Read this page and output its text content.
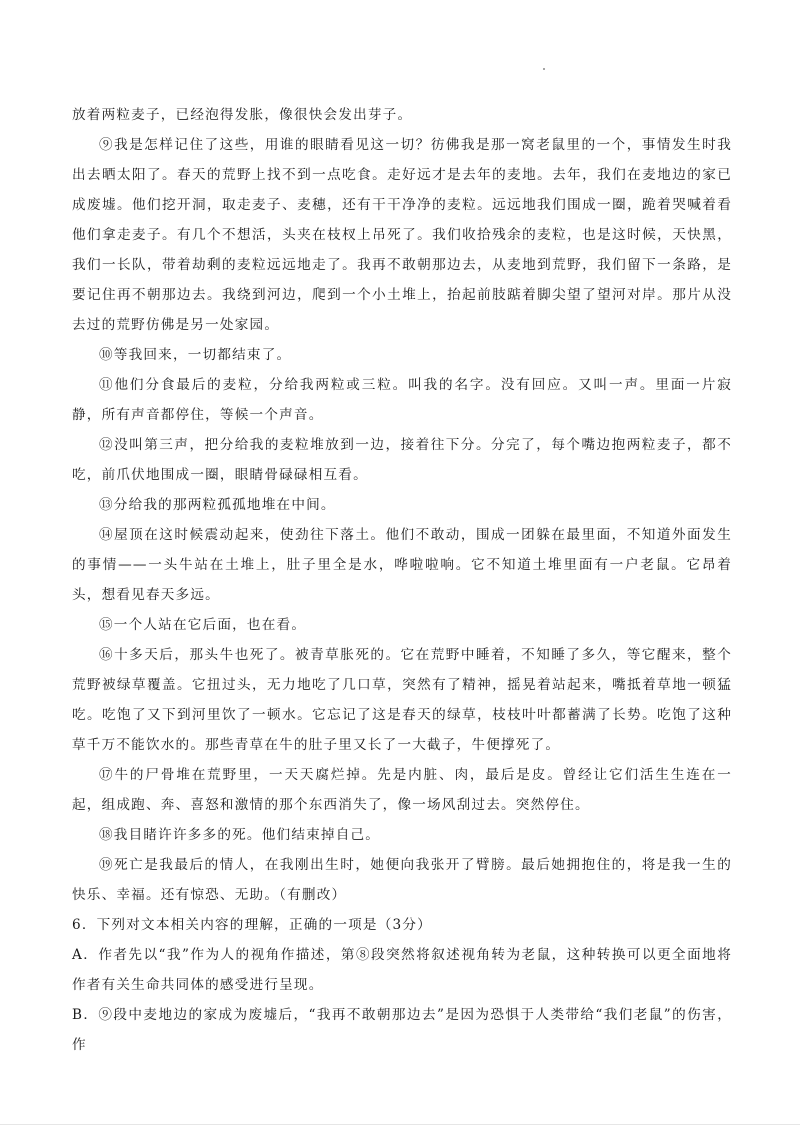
放着两粒麦子，已经泡得发胀，像很快会发出芽子。

⑨我是怎样记住了这些，用谁的眼睛看见这一切？彷佛我是那一窝老鼠里的一个，事情发生时我出去晒太阳了。春天的荒野上找不到一点吃食。走好远才是去年的麦地。去年，我们在麦地边的家已成废墟。他们挖开洞，取走麦子、麦穗，还有干干净净的麦粒。远远地我们围成一圈，跪着哭喊着看他们拿走麦子。有几个不想活，头夹在枝杈上吊死了。我们收拾残余的麦粒，也是这时候，天快黑，我们一长队，带着劫剩的麦粒远远地走了。我再不敢朝那边去，从麦地到荒野，我们留下一条路，是要记住再不朝那边去。我绕到河边，爬到一个小土堆上，抬起前肢踮着脚尖望了望河对岸。那片从没去过的荒野仿佛是另一处家园。

⑩等我回来，一切都结束了。

⑪他们分食最后的麦粒，分给我两粒或三粒。叫我的名字。没有回应。又叫一声。里面一片寂静，所有声音都停住，等候一个声音。

⑫没叫第三声，把分给我的麦粒堆放到一边，接着往下分。分完了，每个嘴边抱两粒麦子，都不吃，前爪伏地围成一圈，眼睛骨碌碌相互看。

⑬分给我的那两粒孤孤地堆在中间。

⑭屋顶在这时候震动起来，使劲往下落土。他们不敢动，围成一团躲在最里面，不知道外面发生的事情——一头牛站在土堆上，肚子里全是水，哗啦啦响。它不知道土堆里面有一户老鼠。它昂着头，想看见春天多远。

⑮一个人站在它后面，也在看。

⑯十多天后，那头牛也死了。被青草胀死的。它在荒野中睡着，不知睡了多久，等它醒来，整个荒野被绿草覆盖。它扭过头，无力地吃了几口草，突然有了精神，摇晃着站起来，嘴抵着草地一顿猛吃。吃饱了又下到河里饮了一顿水。它忘记了这是春天的绿草，枝枝叶叶都蓄满了长势。吃饱了这种草千万不能饮水的。那些青草在牛的肚子里又长了一大截子，牛便撑死了。

⑰牛的尸骨堆在荒野里，一天天腐烂掉。先是内脏、肉，最后是皮。曾经让它们活生生连在一起，组成跑、奔、喜怒和激情的那个东西消失了，像一场风刮过去。突然停住。

⑱我目睹许许多多的死。他们结束掉自己。

⑲死亡是我最后的情人，在我刚出生时，她便向我张开了臂膀。最后她拥抱住的，将是我一生的快乐、幸福。还有惊恐、无助。（有删改）

6．下列对文本相关内容的理解，正确的一项是（3分）

A．作者先以“我”作为人的视角作描述，第⑧段突然将叙述视角转为老鼠，这种转换可以更全面地将作者有关生命共同体的感受进行呈现。

B．⑨段中麦地边的家成为废墟后，“我再不敢朝那边去”是因为恐惧于人类带给“我们老鼠”的伤害，作
